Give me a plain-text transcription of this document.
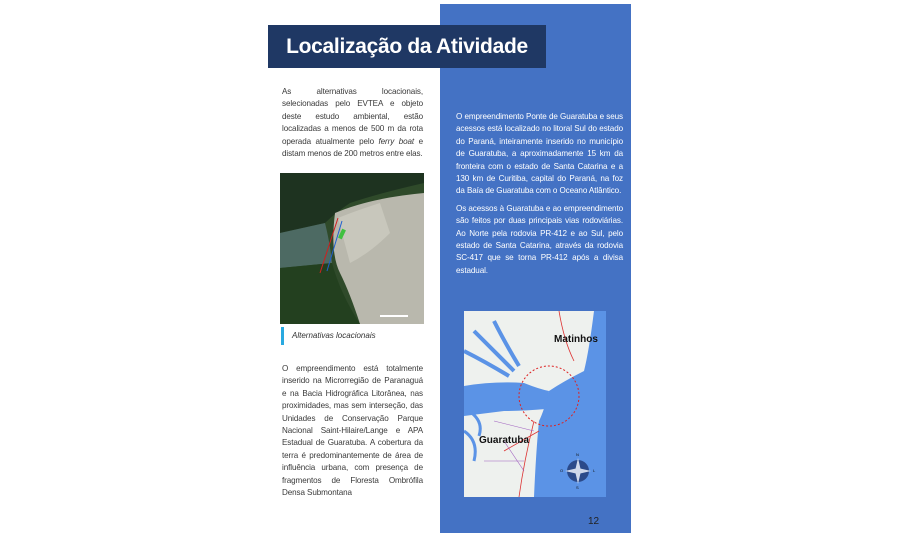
Localização da Atividade
As alternativas locacionais, selecionadas pelo EVTEA e objeto deste estudo ambiental, estão localizadas a menos de 500 m da rota operada atualmente pelo ferry boat e distam menos de 200 metros entre elas.
Alternativas locacionais
O empreendimento está totalmente inserido na Microrregião de Paranaguá e na Bacia Hidrográfica Litorânea, nas proximidades, mas sem interseção, das Unidades de Conservação Parque Nacional Saint-Hilaire/Lange e APA Estadual de Guaratuba. A cobertura da terra é predominantemente de área de influência urbana, com presença de fragmentos de Floresta Ombrófila Densa Submontana

O empreendimento Ponte de Guaratuba e seus acessos está localizado no litoral Sul do estado do Paraná, inteiramente inserido no município de Guaratuba, a aproximadamente 15 km da fronteira com o estado de Santa Catarina e a 130 km de Curitiba, capital do Paraná, na foz da Baía de Guaratuba com o Oceano Atlântico.

Os acessos à Guaratuba e ao empreendimento são feitos por duas principais vias rodoviárias. Ao Norte pela rodovia PR-412 e ao Sul, pelo estado de Santa Catarina, através da rodovia SC-417 que se torna PR-412 após a divisa estadual.

Matinhos
Guaratuba
N
S
L
O
12
